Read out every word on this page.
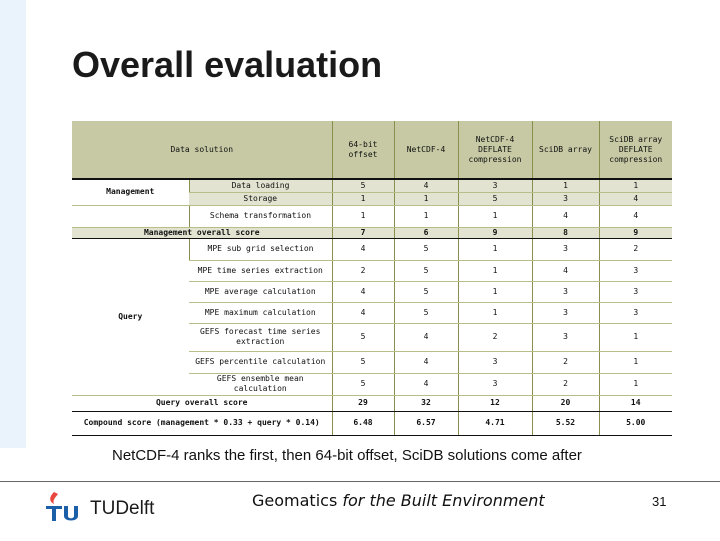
Overall evaluation
Data solution		64-bit offset	NetCDF-4	NetCDF-4 DEFLATE compression	SciDB array	SciDB array DEFLATE compression
Management	Data loading	5	4	3	1	1
	Storage	1	1	5	3	4
	Schema transformation	1	1	1	4	4
Management overall score		7	6	9	8	9
Query	MPE sub grid selection	4	5	1	3	2
	MPE time series extraction	2	5	1	4	3
	MPE average calculation	4	5	1	3	3
	MPE maximum calculation	4	5	1	3	3
	GEFS forecast time series extraction	5	4	2	3	1
	GEFS percentile calculation	5	4	3	2	1
	GEFS ensemble mean calculation	5	4	3	2	1
Query overall score		29	32	12	20	14
Compound score (management * 0.33 + query * 0.14)		6.48	6.57	4.71	5.52	5.00
NetCDF-4 ranks the first, then 64-bit offset, SciDB solutions come after
TUDelft	Geomatics for the Built Environment	31
